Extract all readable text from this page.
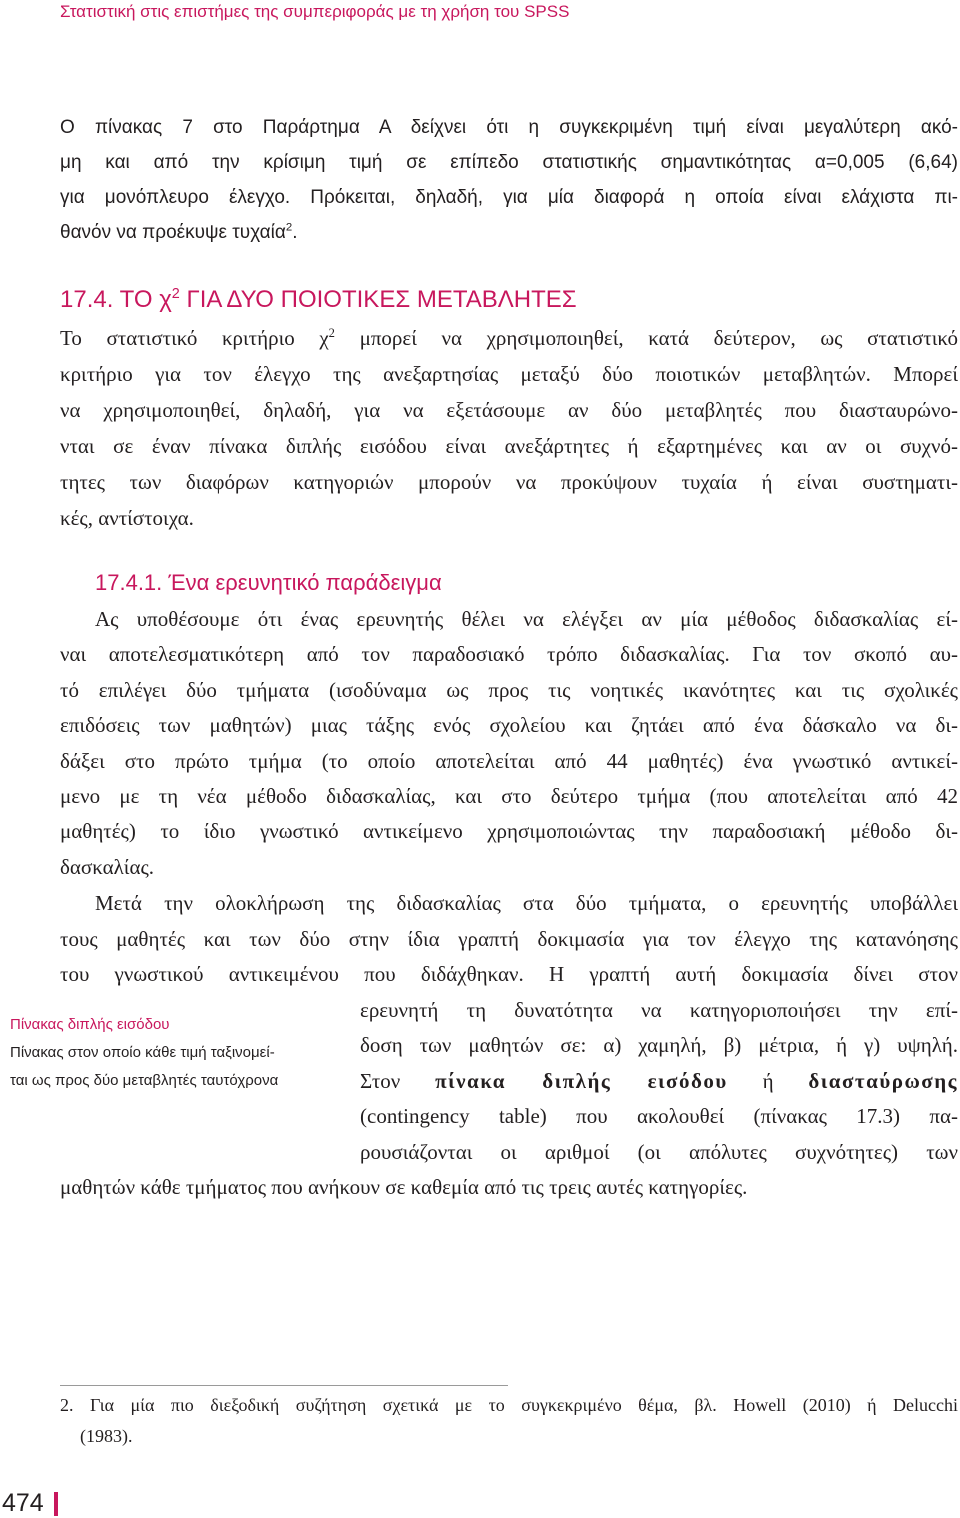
Στατιστική στις επιστήμες της συμπεριφοράς με τη χρήση του SPSS
Ο πίνακας 7 στο Παράρτημα Α δείχνει ότι η συγκεκριμένη τιμή είναι μεγαλύτερη ακό-
μη και από την κρίσιμη τιμή σε επίπεδο στατιστικής σημαντικότητας α=0,005 (6,64)
για μονόπλευρο έλεγχο. Πρόκειται, δηλαδή, για μία διαφορά η οποία είναι ελάχιστα πι-
θανόν να προέκυψε τυχαία$^2$.
17.4. ΤΟ $\chi^2$ ΓΙΑ ΔΥΟ ΠΟΙΟΤΙΚΕΣ ΜΕΤΑΒΛΗΤΕΣ
Το στατιστικό κριτήριο $\chi^2$ μπορεί να χρησιμοποιηθεί, κατά δεύτερον, ως στατιστικό
κριτήριο για τον έλεγχο της ανεξαρτησίας μεταξύ δύο ποιοτικών μεταβλητών. Μπορεί
να χρησιμοποιηθεί, δηλαδή, για να εξετάσουμε αν δύο μεταβλητές που διασταυρώνο-
νται σε έναν πίνακα διπλής εισόδου είναι ανεξάρτητες ή εξαρτημένες και αν οι συχνό-
τητες των διαφόρων κατηγοριών μπορούν να προκύψουν τυχαία ή είναι συστηματι-
κές, αντίστοιχα.
17.4.1. Ένα ερευνητικό παράδειγμα
Ας υποθέσουμε ότι ένας ερευνητής θέλει να ελέγξει αν μία μέθοδος διδασκαλίας εί-
ναι αποτελεσματικότερη από τον παραδοσιακό τρόπο διδασκαλίας. Για τον σκοπό αυ-
τό επιλέγει δύο τμήματα (ισοδύναμα ως προς τις νοητικές ικανότητες και τις σχολικές
επιδόσεις των μαθητών) μιας τάξης ενός σχολείου και ζητάει από ένα δάσκαλο να δι-
δάξει στο πρώτο τμήμα (το οποίο αποτελείται από 44 μαθητές) ένα γνωστικό αντικεί-
μενο με τη νέα μέθοδο διδασκαλίας, και στο δεύτερο τμήμα (που αποτελείται από 42
μαθητές) το ίδιο γνωστικό αντικείμενο χρησιμοποιώντας την παραδοσιακή μέθοδο δι-
δασκαλίας.
Μετά την ολοκλήρωση της διδασκαλίας στα δύο τμήματα, ο ερευνητής υποβάλλει
τους μαθητές και των δύο στην ίδια γραπτή δοκιμασία για τον έλεγχο της κατανόησης
του γνωστικού αντικειμένου που διδάχθηκαν. Η γραπτή αυτή δοκιμασία δίνει στον
ερευνητή τη δυνατότητα να κατηγοριοποιήσει την επί-
δοση των μαθητών σε: α) χαμηλή, β) μέτρια, ή γ) υψηλή.
Στον πίνακα διπλής εισόδου ή διασταύρωσης
(contingency table) που ακολουθεί (πίνακας 17.3) πα-
ρουσιάζονται οι αριθμοί (οι απόλυτες συχνότητες) των
μαθητών κάθε τμήματος που ανήκουν σε καθεμία από τις τρεις αυτές κατηγορίες.
Πίνακας διπλής εισόδου
Πίνακας στον οποίο κάθε τιμή ταξινομεί-
ται ως προς δύο μεταβλητές ταυτόχρονα
2. Για μία πιο διεξοδική συζήτηση σχετικά με το συγκεκριμένο θέμα, βλ. Howell (2010) ή Delucchi
(1983).
474
